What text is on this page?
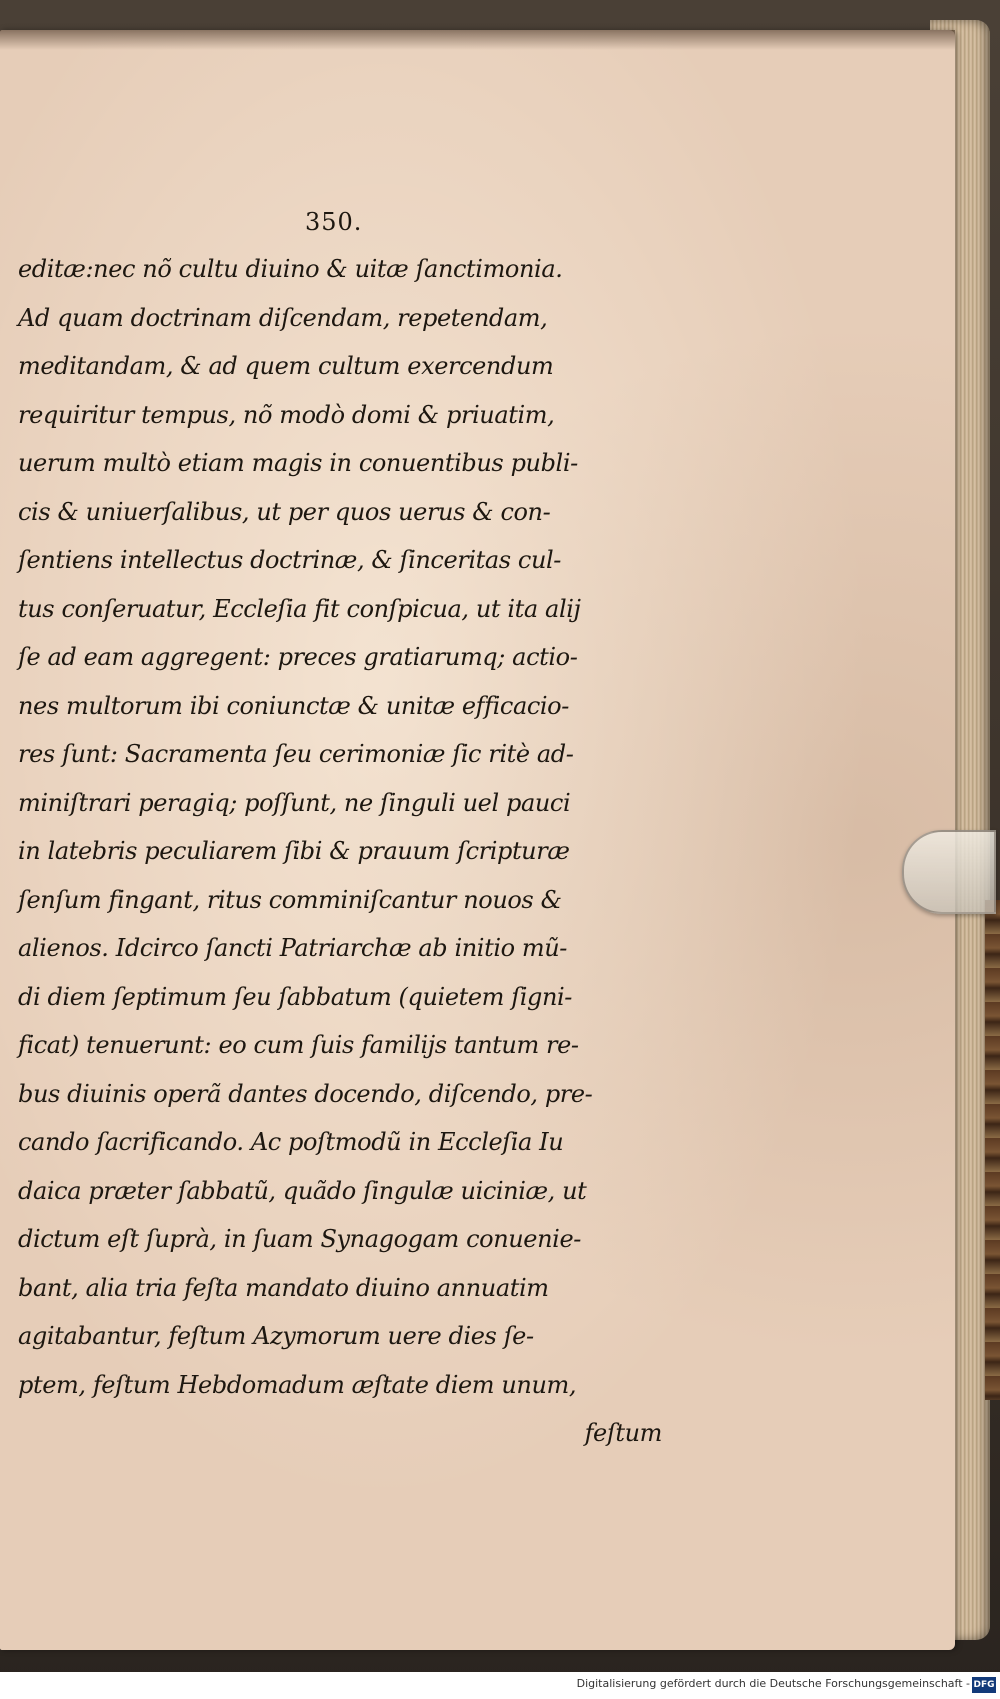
350.
editæ:nec nõ cultu diuino & uitæ ſanctimonia.
Ad quam doctrinam diſcendam, repetendam,
meditandam, & ad quem cultum exercendum
requiritur tempus, nõ modò domi & priuatim,
uerum multò etiam magis in conuentibus publi-
cis & uniuerſalibus, ut per quos uerus & con-
ſentiens intellectus doctrinæ, & ſinceritas cul-
tus conſeruatur, Eccleſia fit conſpicua, ut ita alij
ſe ad eam aggregent: preces gratiarumq; actio-
nes multorum ibi coniunctæ & unitæ efficacio-
res ſunt: Sacramenta ſeu cerimoniæ ſic ritè ad-
miniſtrari peragiq; poſſunt, ne ſinguli uel pauci
in latebris peculiarem ſibi & prauum ſcripturæ
ſenſum fingant, ritus comminiſcantur nouos &
alienos. Idcirco ſancti Patriarchæ ab initio mũ-
di diem ſeptimum ſeu ſabbatum (quietem ſigni-
ficat) tenuerunt: eo cum ſuis familijs tantum re-
bus diuinis operã dantes docendo, diſcendo, pre-
cando ſacrificando. Ac poſtmodũ in Eccleſia Iu
daica præter ſabbatũ, quãdo ſingulæ uiciniæ, ut
dictum eſt ſuprà, in ſuam Synagogam conuenie-
bant, alia tria feſta mandato diuino annuatim
agitabantur, feſtum Azymorum uere dies ſe-
ptem, feſtum Hebdomadum æſtate diem unum,
feſtum
Digitalisierung gefördert durch die Deutsche Forschungsgemeinschaft - DFG
